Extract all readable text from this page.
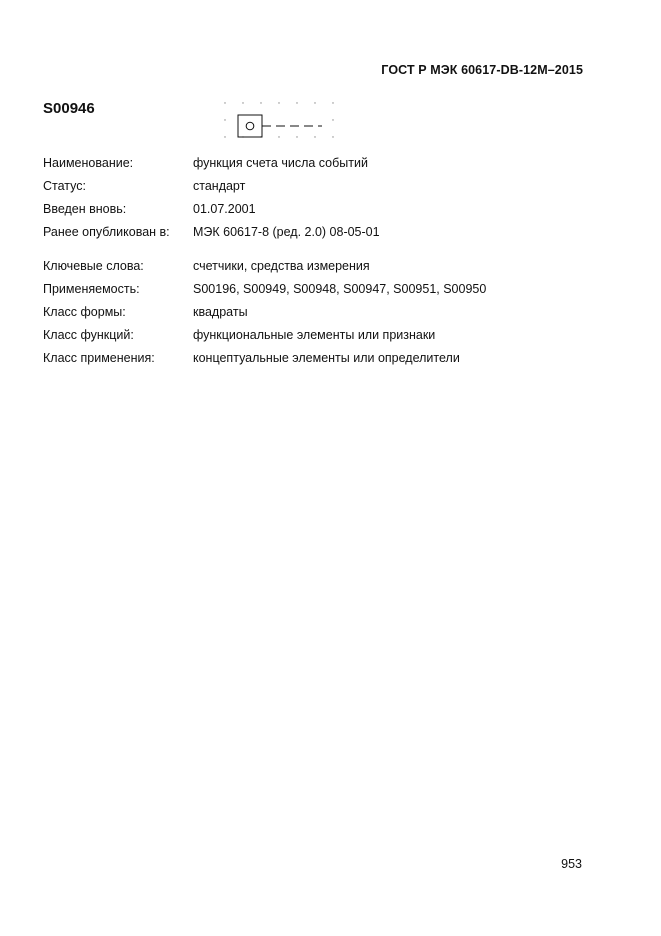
ГОСТ Р МЭК 60617-DB-12M–2015
S00946
Наименование:	функция счета числа событий
Статус:	стандарт
Введен вновь:	01.07.2001
Ранее опубликован в:	МЭК 60617-8 (ред. 2.0) 08-05-01
Ключевые слова:	счетчики, средства измерения
Применяемость:	S00196, S00949, S00948, S00947, S00951, S00950
Класс формы:	квадраты
Класс функций:	функциональные элементы или признаки
Класс применения:	концептуальные элементы или определители
953
